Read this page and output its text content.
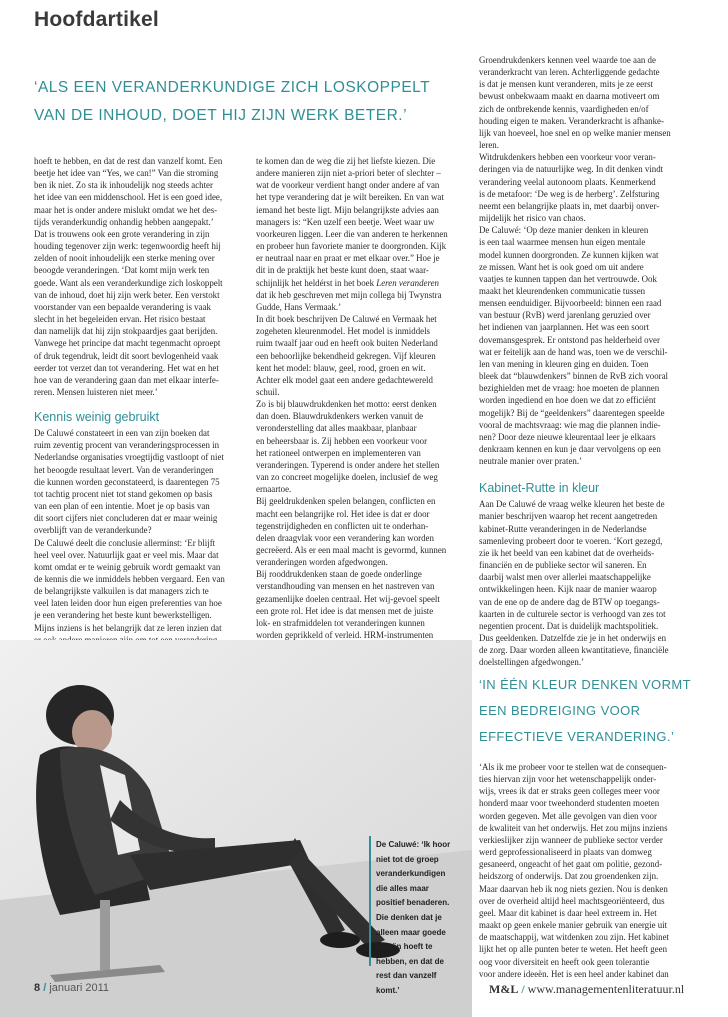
Hoofdartikel
‘ALS EEN VERANDERKUNDIGE ZICH LOSKOPPELT
VAN DE INHOUD, DOET HIJ ZIJN WERK BETER.’

hoeft te hebben, en dat de rest dan vanzelf komt. Een
beetje het idee van “Yes, we can!” Van die stroming
ben ik niet. Zo sta ik inhoudelijk nog steeds achter
het idee van een middenschool. Het is een goed idee,
maar het is onder andere mislukt omdat we het des-
tijds veranderkundig onhandig hebben aangepakt.’
Dat is trouwens ook een grote verandering in zijn
houding tegenover zijn werk: tegenwoordig heeft hij
zelden of nooit inhoudelijk een sterke mening over
beoogde veranderingen. ‘Dat komt mijn werk ten
goede. Want als een veranderkundige zich loskoppelt
van de inhoud, doet hij zijn werk beter. Een verstokt
voorstander van een bepaalde verandering is vaak
slecht in het begeleiden ervan. Het risico bestaat
dan namelijk dat hij zijn stokpaardjes gaat berijden.
Vanwege het principe dat macht tegenmacht oproept
of druk tegendruk, leidt dit soort bevlogenheid vaak
eerder tot verzet dan tot verandering. Het wat en het
hoe van de verandering gaan dan met elkaar interfe-
reren. Mensen luisteren niet meer.’

Kennis weinig gebruikt

De Caluwé constateert in een van zijn boeken dat
ruim zeventig procent van veranderingsprocessen in
Nederlandse organisaties vroegtijdig vastloopt of niet
het beoogde resultaat levert. Van de veranderingen
die kunnen worden geconstateerd, is daarentegen 75
tot tachtig procent niet tot stand gekomen op basis
van een plan of een intentie. Moet je op basis van
dit soort cijfers niet concluderen dat er maar weinig
overblijft van de veranderkunde?
De Caluwé deelt die conclusie allerminst: ‘Er blijft
heel veel over. Natuurlijk gaat er veel mis. Maar dat
komt omdat er te weinig gebruik wordt gemaakt van
de kennis die we inmiddels hebben vergaard. Een van
de belangrijkste valkuilen is dat managers zich te
veel laten leiden door hun eigen preferenties van hoe
je een verandering het beste kunt bewerkstelligen.
Mijns inziens is het belangrijk dat ze leren inzien dat

te komen dan de weg die zij het liefste kiezen. Die
andere manieren zijn niet a-priori beter of slechter –
wat de voorkeur verdient hangt onder andere af van
het type verandering dat je wilt bereiken. En van wat
iemand het beste ligt. Mijn belangrijkste advies aan
managers is: “Ken uzelf een beetje. Weet waar uw
voorkeuren liggen. Leer die van anderen te herkennen
en probeer hun favoriete manier te doorgronden. Kijk
er neutraal naar en praat er met elkaar over.” Hoe je
dit in de praktijk het beste kunt doen, staat waar-
schijnlijk het heldérst in het boek Leren veranderen
dat ik heb geschreven met mijn collega bij Twynstra
Gudde, Hans Vermaak.’

In dit boek beschrijven De Caluwé en Vermaak het
zogeheten kleurenmodel. Het model is inmiddels
ruim twaalf jaar oud en heeft ook buiten Nederland
een behoorlijke bekendheid gekregen. Vijf kleuren
kent het model: blauw, geel, rood, groen en wit.
Achter elk model gaat een andere gedachtewereld
schuil.

Zo is bij blauwdrukdenken het motto: eerst denken
dan doen. Blauwdrukdenkers werken vanuit de
veronderstelling dat alles maakbaar, planbaar
en beheersbaar is. Zij hebben een voorkeur voor
het rationeel ontwerpen en implementeren van
veranderingen. Typerend is onder andere het stellen
van zo concreet mogelijke doelen, inclusief de weg
ernaartoe.

Bij geeldrukdenken spelen belangen, conflicten en
macht een belangrijke rol. Het idee is dat er door
tegenstrijdigheden en conflicten uit te onderhan-
delen draagvlak voor een verandering kan worden
gecreëerd. Als er een maal macht is gevormd, kunnen
veranderingen worden afgedwongen.

Bij rooddrukdenken staan de goede onderlinge
verstandhouding van mensen en het nastreven van
gezamenlijke doelen centraal. Het wij-gevoel speelt
een grote rol. Het idee is dat mensen met de juiste
lok- en strafmiddelen tot veranderingen kunnen
worden geprikkeld of verleid. HRM-instrumenten

Groendrukdenkers kennen veel waarde toe aan de
veranderkracht van leren. Achterliggende gedachte
is dat je mensen kunt veranderen, mits je ze eerst
bewust onbekwaam maakt en daarna motiveert om
zich de ontbrekende kennis, vaardigheden en/of
houding eigen te maken. Veranderkracht is afhanke-
lijk van hoeveel, hoe snel en op welke manier mensen
leren.

Witdrukdenkers hebben een voorkeur voor veran-
deringen via de natuurlijke weg. In dit denken vindt
verandering veelal autonoom plaats. Kenmerkend
is de metafoor: ‘De weg is de herberg’. Zelfsturing
neemt een belangrijke plaats in, met daarbij onver-
mijdelijk het risico van chaos.

De Caluwé: ‘Op deze manier denken in kleuren
is een taal waarmee mensen hun eigen mentale
model kunnen doorgronden. Ze kunnen kijken wat
ze missen. Want het is ook goed om uit andere
vaatjes te kunnen tappen dan het vertrouwde. Ook
maakt het kleurendenken communicatie tussen
mensen eenduidiger. Bijvoorbeeld: binnen een raad
van bestuur (RvB) werd jarenlang geruzied over
het indienen van jaarplannen. Het was een soort
dovemansgesprek. Er ontstond pas helderheid over
wat er feitelijk aan de hand was, toen we de verschil-
len van mening in kleuren ging en duiden. Toen
bleek dat “blauwdenkers” binnen de RvB zich vooral
bezighielden met de vraag: hoe moeten de plannen
worden ingediend en hoe doen we dat zo efficiënt
mogelijk? Bij de “geeldenkers” daarentegen speelde
vooral de machtsvraag: wie mag die plannen indie-
nen? Door deze nieuwe kleurentaal leer je elkaars
denkraam kennen en kun je daar vervolgens op een
neutrale manier over praten.’

Kabinet-Rutte in kleur

Aan De Caluwé de vraag welke kleuren het beste de
manier beschrijven waarop het recent aangetreden
kabinet-Rutte veranderingen in de Nederlandse
samenleving probeert door te voeren. ‘Kort gezegd,
zie ik het beeld van een kabinet dat de overheids-
financiën en de publieke sector wil saneren. En
daarbij walst men over allerlei maatschappelijke
ontwikkelingen heen. Kijk naar de manier waarop
van de ene op de andere dag de BTW op toegangs-
kaarten in de culturele sector is verhoogd van zes tot
negentien procent. Dat is duidelijk machtspolitiek.
Dus geeldenken. Datzelfde zie je in het onderwijs en
de zorg. Daar worden alleen kwantitatieve, financiële
doelstellingen afgedwongen.’

‘IN ÉÉN KLEUR DENKEN VORMT
EEN BEDREIGING VOOR
EFFECTIEVE VERANDERING.’

‘Als ik me probeer voor te stellen wat de consequen-
ties hiervan zijn voor het wetenschappelijk onder-
wijs, vrees ik dat er straks geen colleges meer voor
honderd maar voor tweehonderd studenten moeten
worden gegeven. Met alle gevolgen van dien voor
de kwaliteit van het onderwijs. Het zou mijns inziens
verkieslijker zijn wanneer de publieke sector verder
werd geprofessionaliseerd in plaats van domweg
gesaneerd, ongeacht of het gaat om politie, gezond-
heidszorg of onderwijs. Dat zou groendenken zijn.
Maar daarvan heb ik nog niets gezien. Nou is denken
over de overheid altijd heel machtsgeoriënteerd, dus
geel. Maar dit kabinet is daar heel extreem in. Het
maakt op geen enkele manier gebruik van energie uit
de maatschappij, wat witdenken zou zijn. Het kabinet
lijkt het op alle punten beter te weten. Het heeft geen
oog voor diversiteit en heeft ook geen tolerantie
voor andere ideeën. Het is een heel ander kabinet dan

De Caluwé: ‘Ik hoor
niet tot de groep
veranderkundigen
die alles maar
positief benaderen.
Die denken dat je
alleen maar goede
ideeën hoeft te
hebben, en dat de
rest dan vanzelf
komt.’
8 / januari 2011	M&L / www.managementenliteratuur.nl
